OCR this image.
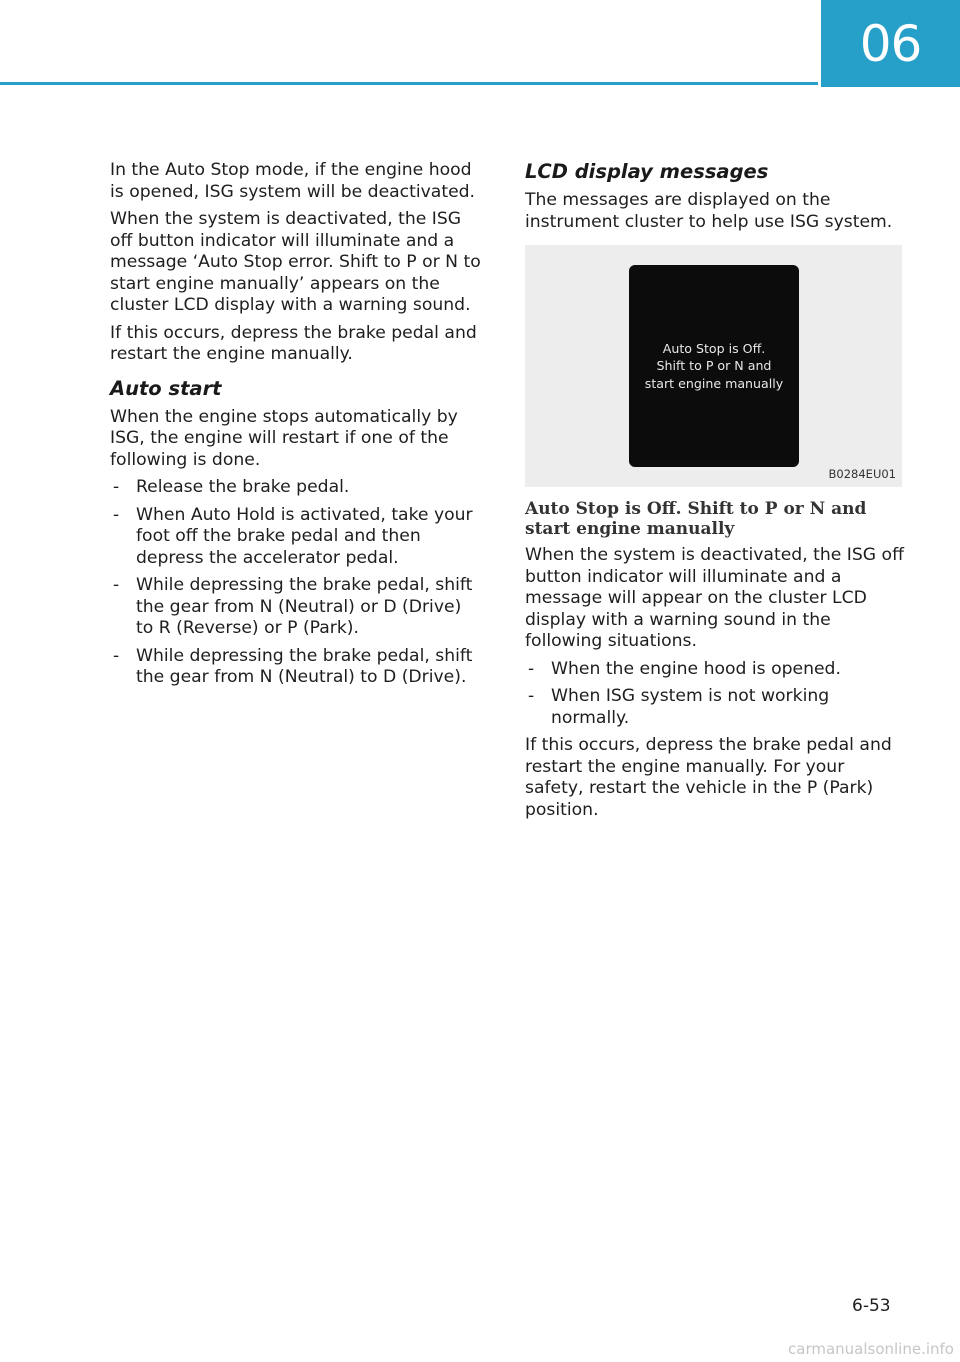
06

In the Auto Stop mode, if the engine hood is opened, ISG system will be deactivated.

When the system is deactivated, the ISG off button indicator will illuminate and a message ‘Auto Stop error. Shift to P or N to start engine manually’ appears on the cluster LCD display with a warning sound.

If this occurs, depress the brake pedal and restart the engine manually.

Auto start

When the engine stops automatically by ISG, the engine will restart if one of the following is done.

- Release the brake pedal.
- When Auto Hold is activated, take your foot off the brake pedal and then depress the accelerator pedal.
- While depressing the brake pedal, shift the gear from N (Neutral) or D (Drive) to R (Reverse) or P (Park).
- While depressing the brake pedal, shift the gear from N (Neutral) to D (Drive).
LCD display messages

The messages are displayed on the instrument cluster to help use ISG system.

Auto Stop is Off.
Shift to P or N and
start engine manually
B0284EU01

Auto Stop is Off. Shift to P or N and start engine manually

When the system is deactivated, the ISG off button indicator will illuminate and a message will appear on the cluster LCD display with a warning sound in the following situations.

- When the engine hood is opened.
- When ISG system is not working normally.

If this occurs, depress the brake pedal and restart the engine manually. For your safety, restart the vehicle in the P (Park) position.

6-53
carmanualsonline.info
